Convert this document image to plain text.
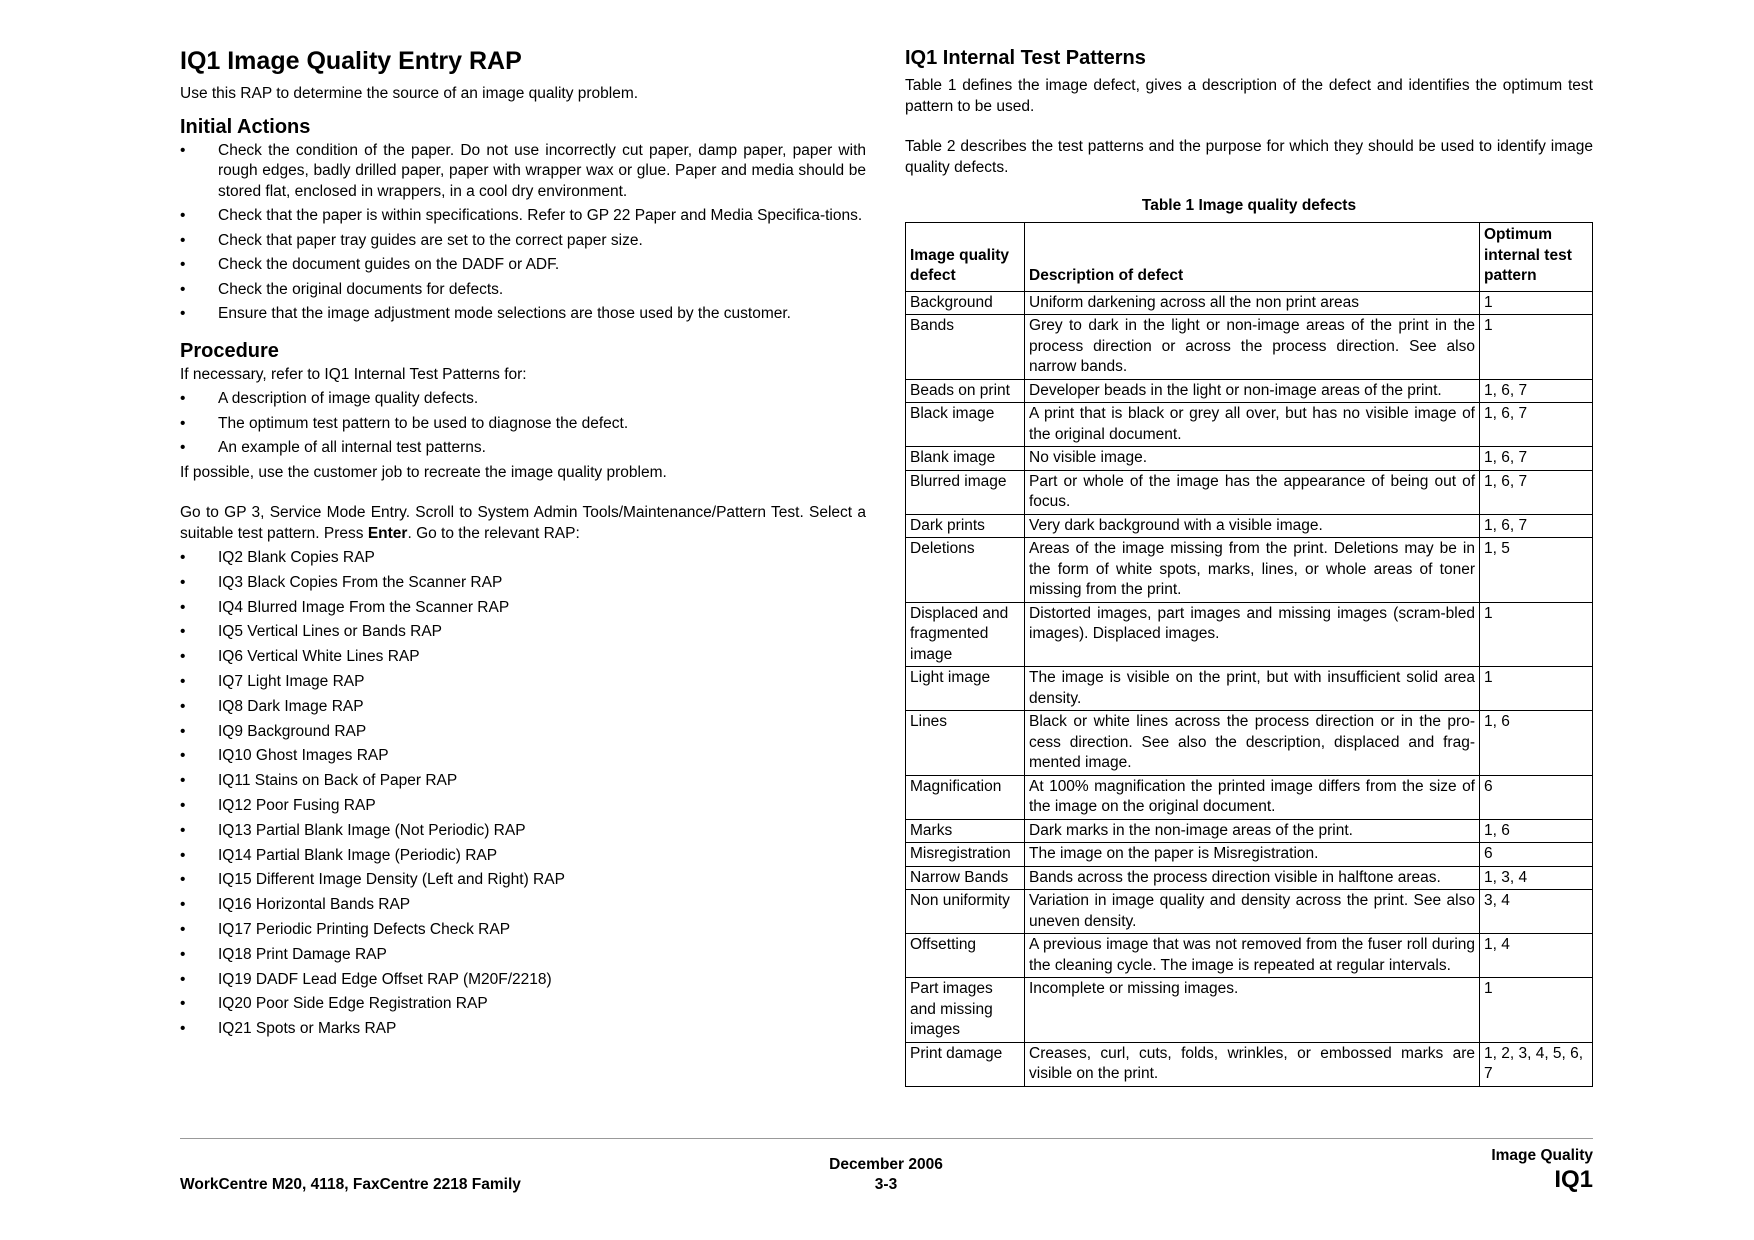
IQ1 Image Quality Entry RAP

Use this RAP to determine the source of an image quality problem.

Initial Actions
• Check the condition of the paper. Do not use incorrectly cut paper, damp paper, paper with rough edges, badly drilled paper, paper with wrapper wax or glue. Paper and media should be stored flat, enclosed in wrappers, in a cool dry environment.
• Check that the paper is within specifications. Refer to GP 22 Paper and Media Specifica-tions.
• Check that paper tray guides are set to the correct paper size.
• Check the document guides on the DADF or ADF.
• Check the original documents for defects.
• Ensure that the image adjustment mode selections are those used by the customer.
Procedure

If necessary, refer to IQ1 Internal Test Patterns for:

• A description of image quality defects.
• The optimum test pattern to be used to diagnose the defect.
• An example of all internal test patterns.

If possible, use the customer job to recreate the image quality problem.

Go to GP 3, Service Mode Entry. Scroll to System Admin Tools/Maintenance/Pattern Test. Select a suitable test pattern. Press Enter. Go to the relevant RAP:

• IQ2 Blank Copies RAP
• IQ3 Black Copies From the Scanner RAP
• IQ4 Blurred Image From the Scanner RAP
• IQ5 Vertical Lines or Bands RAP
• IQ6 Vertical White Lines RAP
• IQ7 Light Image RAP
• IQ8 Dark Image RAP
• IQ9 Background RAP
• IQ10 Ghost Images RAP
• IQ11 Stains on Back of Paper RAP
• IQ12 Poor Fusing RAP
• IQ13 Partial Blank Image (Not Periodic) RAP
• IQ14 Partial Blank Image (Periodic) RAP
• IQ15 Different Image Density (Left and Right) RAP
• IQ16 Horizontal Bands RAP
• IQ17 Periodic Printing Defects Check RAP
• IQ18 Print Damage RAP
• IQ19 DADF Lead Edge Offset RAP (M20F/2218)
• IQ20 Poor Side Edge Registration RAP
• IQ21 Spots or Marks RAP
IQ1 Internal Test Patterns

Table 1 defines the image defect, gives a description of the defect and identifies the optimum test pattern to be used.

Table 2 describes the test patterns and the purpose for which they should be used to identify image quality defects.

Table 1 Image quality defects
Image quality defect	Description of defect	Optimum internal test pattern
Background	Uniform darkening across all the non print areas	1
Bands	Grey to dark in the light or non-image areas of the print in the process direction or across the process direction. See also narrow bands.	1
Beads on print	Developer beads in the light or non-image areas of the print.	1, 6, 7
Black image	A print that is black or grey all over, but has no visible image of the original document.	1, 6, 7
Blank image	No visible image.	1, 6, 7
Blurred image	Part or whole of the image has the appearance of being out of focus.	1, 6, 7
Dark prints	Very dark background with a visible image.	1, 6, 7
Deletions	Areas of the image missing from the print. Deletions may be in the form of white spots, marks, lines, or whole areas of toner missing from the print.	1, 5
Displaced and fragmented image	Distorted images, part images and missing images (scram-bled images). Displaced images.	1
Light image	The image is visible on the print, but with insufficient solid area density.	1
Lines	Black or white lines across the process direction or in the pro-cess direction. See also the description, displaced and frag-mented image.	1, 6
Magnification	At 100% magnification the printed image differs from the size of the image on the original document.	6
Marks	Dark marks in the non-image areas of the print.	1, 6
Misregistration	The image on the paper is Misregistration.	6
Narrow Bands	Bands across the process direction visible in halftone areas.	1, 3, 4
Non uniformity	Variation in image quality and density across the print. See also uneven density.	3, 4
Offsetting	A previous image that was not removed from the fuser roll during the cleaning cycle. The image is repeated at regular intervals.	1, 4
Part images and missing images	Incomplete or missing images.	1
Print damage	Creases, curl, cuts, folds, wrinkles, or embossed marks are visible on the print.	1, 2, 3, 4, 5, 6, 7
WorkCentre M20, 4118, FaxCentre 2218 Family
December 2006
3-3
Image Quality
IQ1
